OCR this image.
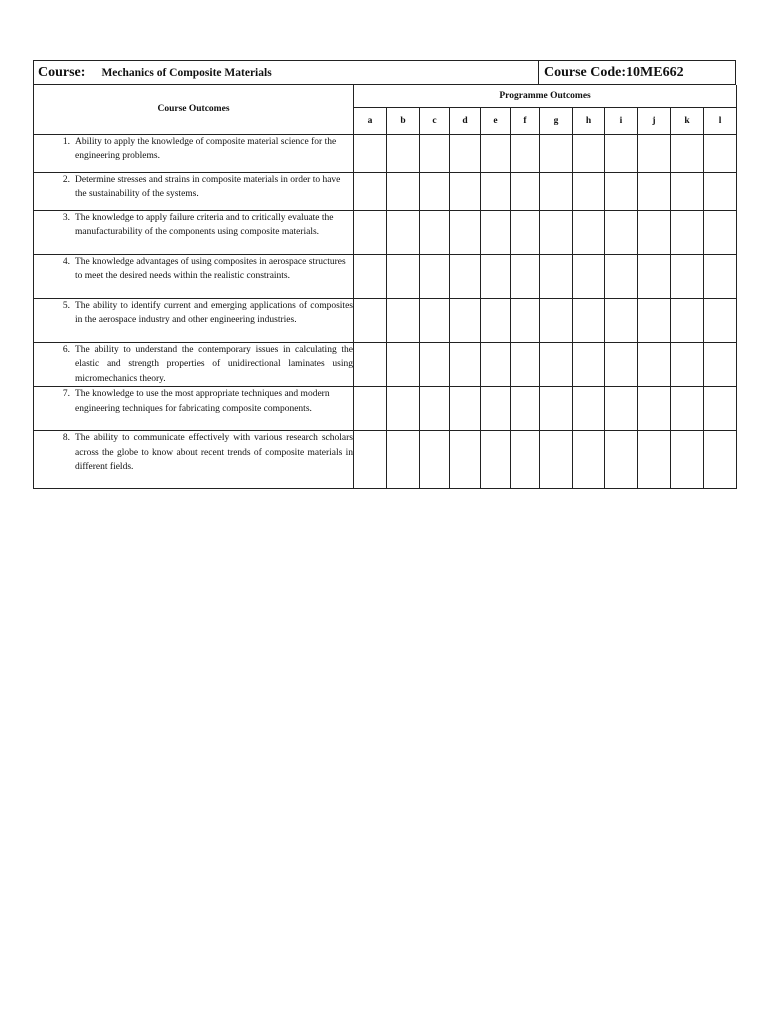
Course: Mechanics of Composite Materials	Course Code:10ME662
Course Outcomes	Programme Outcomes											
	a	b	c	d	e	f	g	h	i	j	k	l

1. Ability to apply the knowledge of composite material science for the engineering problems.												

2. Determine stresses and strains in composite materials in order to have the sustainability of the systems.												

3. The knowledge to apply failure criteria and to critically evaluate the manufacturability of the components using composite materials.												

4. The knowledge advantages of using composites in aerospace structures to meet the desired needs within the realistic constraints.												

5. The ability to identify current and emerging applications of composites in the aerospace industry and other engineering industries.												

6. The ability to understand the contemporary issues in calculating the elastic and strength properties of unidirectional laminates using micromechanics theory.												

7. The knowledge to use the most appropriate techniques and modern engineering techniques for fabricating composite components.												

8. The ability to communicate effectively with various research scholars across the globe to know about recent trends of composite materials in different fields.												
